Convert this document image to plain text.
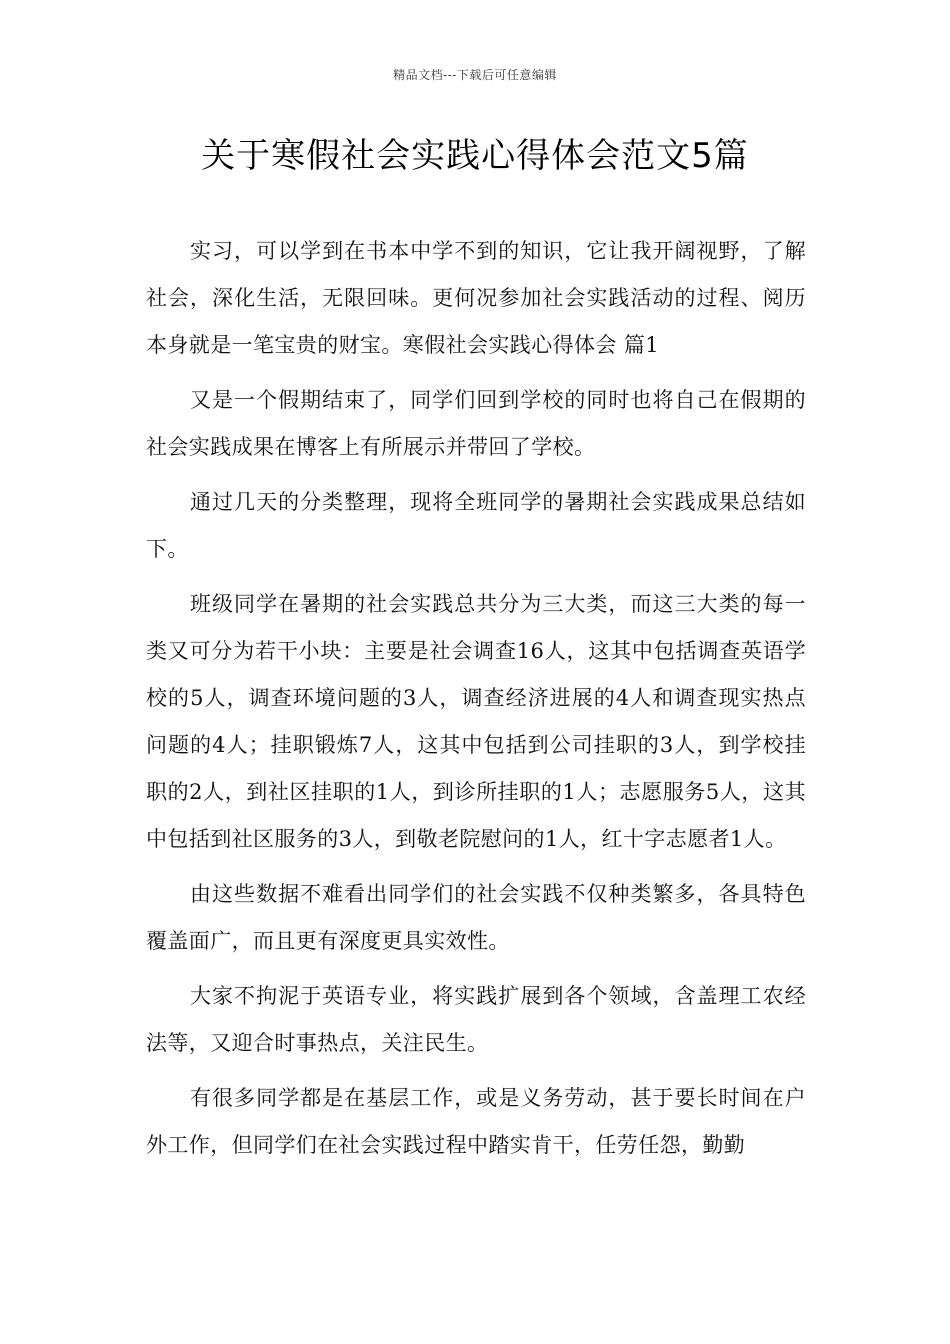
精品文档---下载后可任意编辑
关于寒假社会实践心得体会范文5篇

实习，可以学到在书本中学不到的知识，它让我开阔视野，了解社会，深化生活，无限回味。更何况参加社会实践活动的过程、阅历本身就是一笔宝贵的财宝。寒假社会实践心得体会 篇1

又是一个假期结束了，同学们回到学校的同时也将自己在假期的社会实践成果在博客上有所展示并带回了学校。

通过几天的分类整理，现将全班同学的暑期社会实践成果总结如下。

班级同学在暑期的社会实践总共分为三大类，而这三大类的每一类又可分为若干小块：主要是社会调查16人，这其中包括调查英语学校的5人，调查环境问题的3人，调查经济进展的4人和调查现实热点问题的4人；挂职锻炼7人，这其中包括到公司挂职的3人，到学校挂职的2人，到社区挂职的1人，到诊所挂职的1人；志愿服务5人，这其中包括到社区服务的3人，到敬老院慰问的1人，红十字志愿者1人。

由这些数据不难看出同学们的社会实践不仅种类繁多，各具特色覆盖面广，而且更有深度更具实效性。

大家不拘泥于英语专业，将实践扩展到各个领域，含盖理工农经法等，又迎合时事热点，关注民生。

有很多同学都是在基层工作，或是义务劳动，甚于要长时间在户外工作，但同学们在社会实践过程中踏实肯干，任劳任怨，勤勤
